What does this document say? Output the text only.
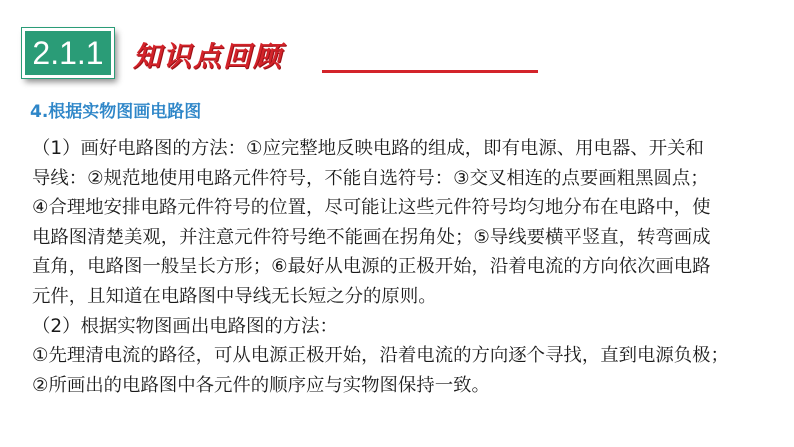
2.1.1	知识点回顾
4.根据实物图画电路图
（1）画好电路图的方法：①应完整地反映电路的组成，即有电源、用电器、开关和
导线：②规范地使用电路元件符号，不能自选符号：③交叉相连的点要画粗黑圆点；
④合理地安排电路元件符号的位置，尽可能让这些元件符号均匀地分布在电路中，使
电路图清楚美观，并注意元件符号绝不能画在拐角处；⑤导线要横平竖直，转弯画成
直角，电路图一般呈长方形；⑥最好从电源的正极开始，沿着电流的方向依次画电路
元件，且知道在电路图中导线无长短之分的原则。
（2）根据实物图画出电路图的方法：
①先理清电流的路径，可从电源正极开始，沿着电流的方向逐个寻找，直到电源负极；
②所画出的电路图中各元件的顺序应与实物图保持一致。
